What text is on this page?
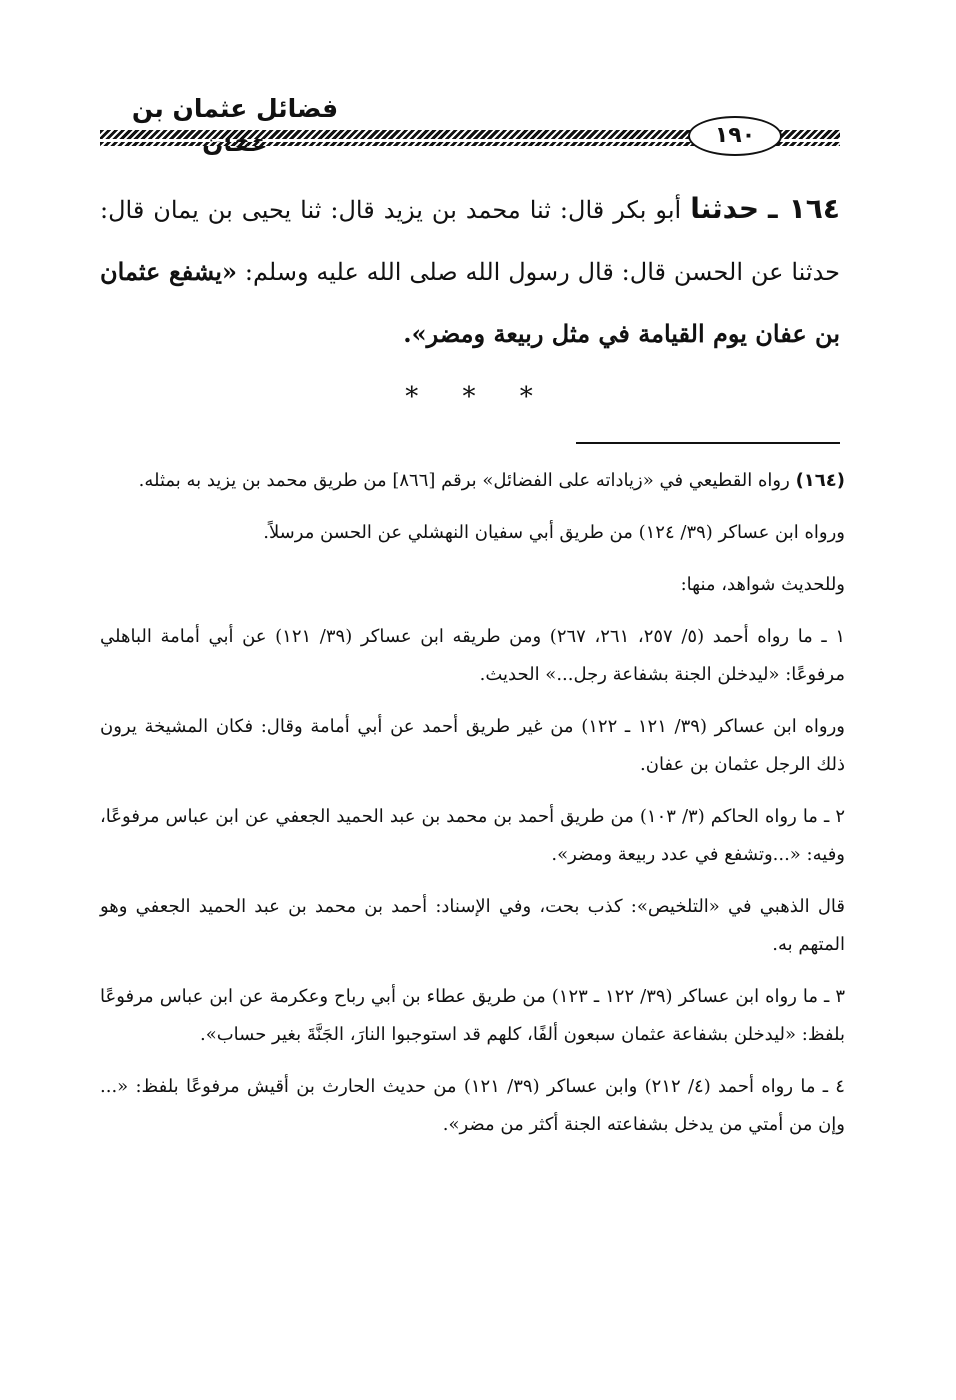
فضائل عثمان بن
١٩٠
١٦٤ ـ حدثنا أبو بكر قال: ثنا محمد بن يزيد قال: ثنا يحيى بن يمان قال: حدثنا عن الحسن قال: قال رسول الله صلى الله عليه وسلم: «يشفع عثمان بن عفان يوم القيامة في مثل ربيعة ومضر».
* * *

(١٦٤) رواه القطيعي في «زياداته على الفضائل» برقم [٨٦٦] من طريق محمد بن يزيد به بمثله.

ورواه ابن عساكر (٣٩/ ١٢٤) من طريق أبي سفيان النهشلي عن الحسن مرسلاً.

وللحديث شواهد، منها:

١ ـ ما رواه أحمد (٥/ ٢٥٧، ٢٦١، ٢٦٧) ومن طريقه ابن عساكر (٣٩/ ١٢١) عن أبي أمامة الباهلي مرفوعًا: «ليدخلن الجنة بشفاعة رجل...» الحديث.

ورواه ابن عساكر (٣٩/ ١٢١ ـ ١٢٢) من غير طريق أحمد عن أبي أمامة وقال: فكان المشيخة يرون ذلك الرجل عثمان بن عفان.

٢ ـ ما رواه الحاكم (٣/ ١٠٣) من طريق أحمد بن محمد بن عبد الحميد الجعفي عن ابن عباس مرفوعًا، وفيه: «...وتشفع في عدد ربيعة ومضر».

قال الذهبي في «التلخيص»: كذب بحت، وفي الإسناد: أحمد بن محمد بن عبد الحميد الجعفي وهو المتهم به.

٣ ـ ما رواه ابن عساكر (٣٩/ ١٢٢ ـ ١٢٣) من طريق عطاء بن أبي رباح وعكرمة عن ابن عباس مرفوعًا بلفظ: «ليدخلن بشفاعة عثمان سبعون ألفًا، كلهم قد استوجبوا النارَ، الجَنَّةَ بغير حساب».

٤ ـ ما رواه أحمد (٤/ ٢١٢) وابن عساكر (٣٩/ ١٢١) من حديث الحارث بن أقيش مرفوعًا بلفظ: «... وإن من أمتي من يدخل بشفاعته الجنة أكثر من مضر».
